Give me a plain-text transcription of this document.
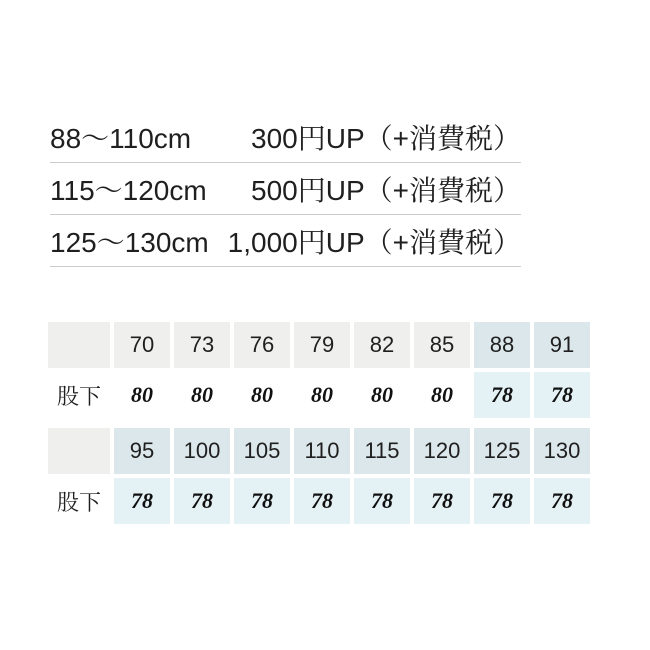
88〜110cm 300円UP（+消費税）
115〜120cm 500円UP（+消費税）
125〜130cm 1,000円UP（+消費税）
	70	73	76	79	82	85	88	91
股下	80	80	80	80	80	80	78	78
	95	100	105	110	115	120	125	130
股下	78	78	78	78	78	78	78	78
